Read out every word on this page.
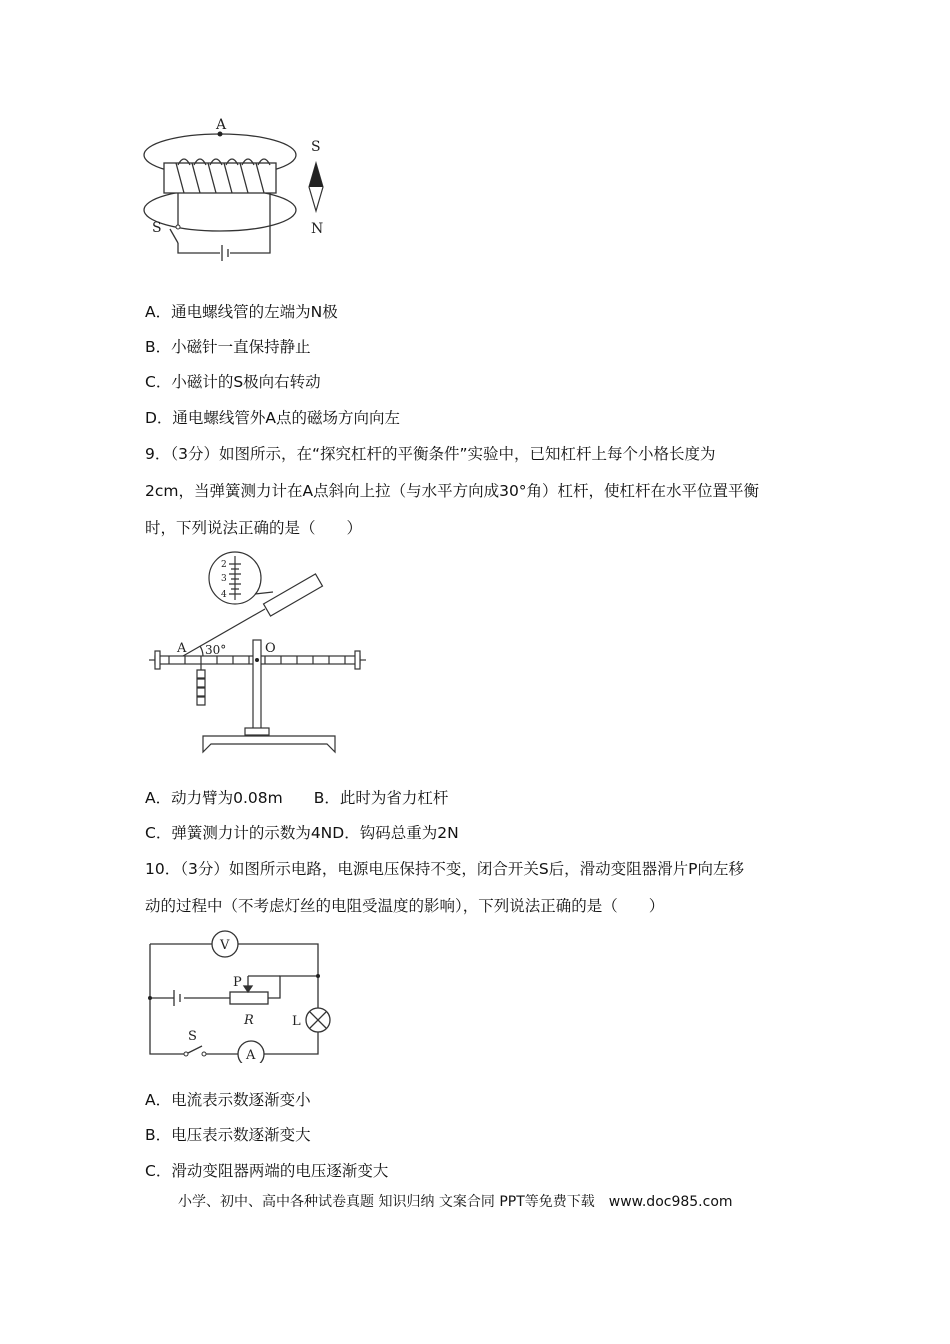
A
S
S
N
A．通电螺线管的左端为N极
B．小磁针一直保持静止
C．小磁计的S极向右转动
D．通电螺线管外A点的磁场方向向左
9．（3分）如图所示，在“探究杠杆的平衡条件”实验中，已知杠杆上每个小格长度为
2cm，当弹簧测力计在A点斜向上拉（与水平方向成30°角）杠杆，使杠杆在水平位置平衡
时，下列说法正确的是（　　）
A 30°	O
2
3
4
A．动力臂为0.08m　　B．此时为省力杠杆
C．弹簧测力计的示数为4ND．钩码总重为2N
10．（3分）如图所示电路，电源电压保持不变，闭合开关S后，滑动变阻器滑片P向左移
动的过程中（不考虑灯丝的电阻受温度的影响），下列说法正确的是（　　）
V
P
R	L
S
A
A．电流表示数逐渐变小
B．电压表示数逐渐变大
C．滑动变阻器两端的电压逐渐变大
小学、初中、高中各种试卷真题 知识归纳 文案合同 PPT等免费下载　www.doc985.com
